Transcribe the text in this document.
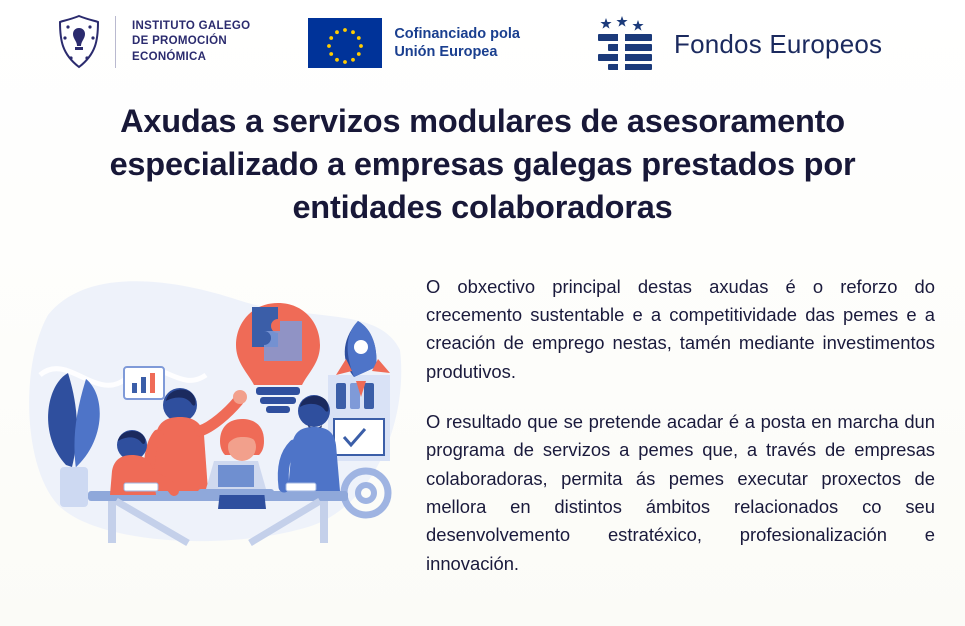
INSTITUTO GALEGO
DE PROMOCIÓN
ECONÓMICA
Cofinanciado pola
Unión Europea	Fondos Europeos
Axudas a servizos modulares de asesoramento especializado a empresas galegas prestados por entidades colaboradoras

O obxectivo principal destas axudas é o reforzo do crecemento sustentable e a competitividade das pemes e a creación de emprego nestas, tamén mediante investimentos produtivos.

O resultado que se pretende acadar é a posta en marcha dun programa de servizos a pemes que, a través de empresas colaboradoras, permita ás pemes executar proxectos de mellora en distintos ámbitos relacionados co seu desenvolvemento estratéxico, profesionalización e innovación.
